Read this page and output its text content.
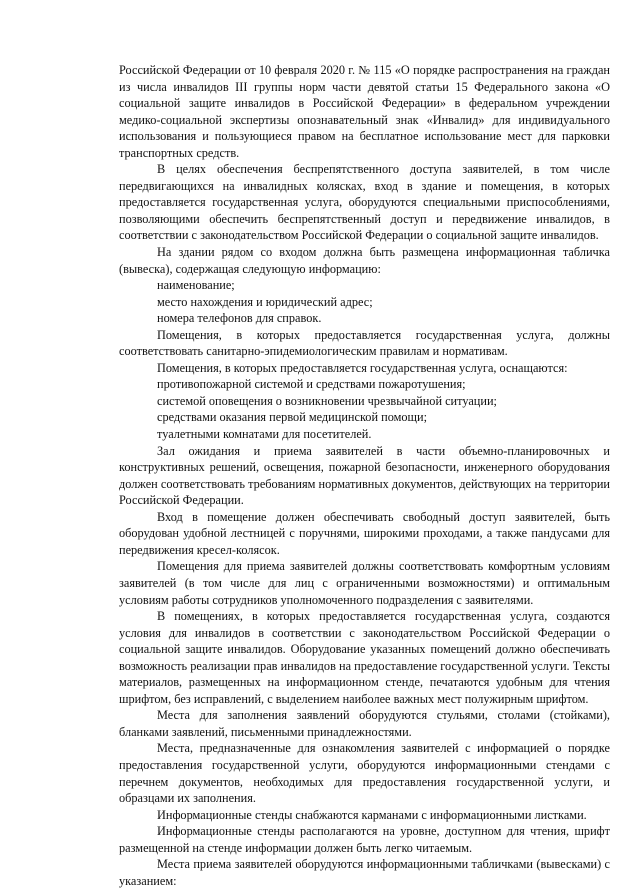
Российской Федерации от 10 февраля 2020 г. № 115 «О порядке распространения на граждан из числа инвалидов III группы норм части девятой статьи 15 Федерального закона «О социальной защите инвалидов в Российской Федерации» в федеральном учреждении медико-социальной экспертизы опознавательный знак «Инвалид» для индивидуального использования и пользующиеся правом на бесплатное использование мест для парковки транспортных средств.

В целях обеспечения беспрепятственного доступа заявителей, в том числе передвигающихся на инвалидных колясках, вход в здание и помещения, в которых предоставляется государственная услуга, оборудуются специальными приспособлениями, позволяющими обеспечить беспрепятственный доступ и передвижение инвалидов, в соответствии с законодательством Российской Федерации о социальной защите инвалидов.

На здании рядом со входом должна быть размещена информационная табличка (вывеска), содержащая следующую информацию:

наименование;

место нахождения и юридический адрес;

номера телефонов для справок.

Помещения, в которых предоставляется государственная услуга, должны соответствовать санитарно-эпидемиологическим правилам и нормативам.

Помещения, в которых предоставляется государственная услуга, оснащаются:

противопожарной системой и средствами пожаротушения;

системой оповещения о возникновении чрезвычайной ситуации;

средствами оказания первой медицинской помощи;

туалетными комнатами для посетителей.

Зал ожидания и приема заявителей в части объемно-планировочных и конструктивных решений, освещения, пожарной безопасности, инженерного оборудования должен соответствовать требованиям нормативных документов, действующих на территории Российской Федерации.

Вход в помещение должен обеспечивать свободный доступ заявителей, быть оборудован удобной лестницей с поручнями, широкими проходами, а также пандусами для передвижения кресел-колясок.

Помещения для приема заявителей должны соответствовать комфортным условиям заявителей (в том числе для лиц с ограниченными возможностями) и оптимальным условиям работы сотрудников уполномоченного подразделения с заявителями.

В помещениях, в которых предоставляется государственная услуга, создаются условия для инвалидов в соответствии с законодательством Российской Федерации о социальной защите инвалидов. Оборудование указанных помещений должно обеспечивать возможность реализации прав инвалидов на предоставление государственной услуги. Тексты материалов, размещенных на информационном стенде, печатаются удобным для чтения шрифтом, без исправлений, с выделением наиболее важных мест полужирным шрифтом.

Места для заполнения заявлений оборудуются стульями, столами (стойками), бланками заявлений, письменными принадлежностями.

Места, предназначенные для ознакомления заявителей с информацией о порядке предоставления государственной услуги, оборудуются информационными стендами с перечнем документов, необходимых для предоставления государственной услуги, и образцами их заполнения.

Информационные стенды снабжаются карманами с информационными листками.

Информационные стенды располагаются на уровне, доступном для чтения, шрифт размещенной на стенде информации должен быть легко читаемым.

Места приема заявителей оборудуются информационными табличками (вывесками) с указанием:
